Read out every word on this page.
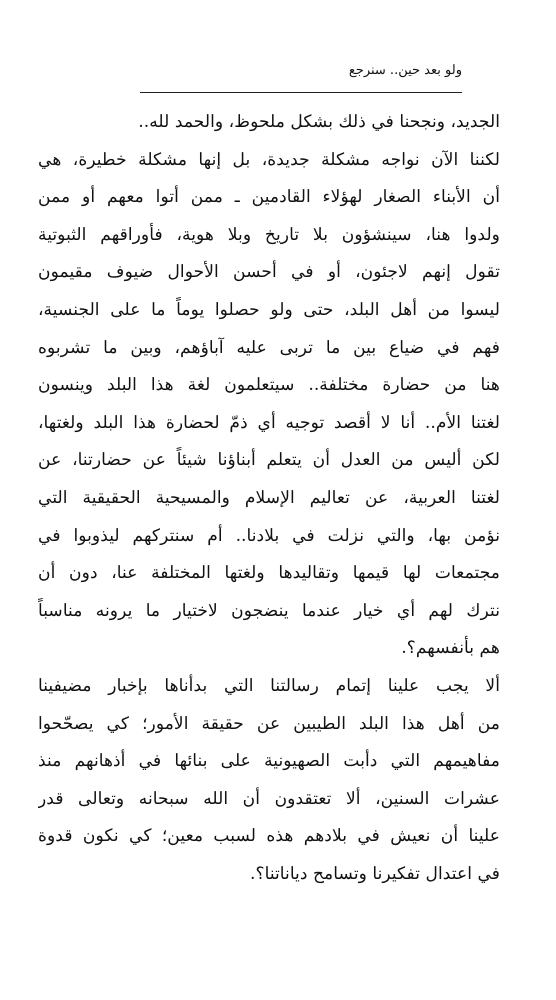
ولو بعد حين.. سنرجع
الجديد، ونجحنا في ذلك بشكل ملحوظ، والحمد لله..
لكننا الآن نواجه مشكلة جديدة، بل إنها مشكلة خطيرة، هي
أن الأبناء الصغار لهؤلاء القادمين ـ ممن أتوا معهم أو ممن
ولدوا هنا، سينشؤون بلا تاريخ وبلا هوية، فأوراقهم الثبوتية
تقول إنهم لاجئون، أو في أحسن الأحوال ضيوف مقيمون
ليسوا من أهل البلد، حتى ولو حصلوا يوماً ما على الجنسية،
فهم في ضياع بين ما تربى عليه آباؤهم، وبين ما تشربوه
هنا من حضارة مختلفة.. سيتعلمون لغة هذا البلد وينسون
لغتنا الأم.. أنا لا أقصد توجيه أي ذمّ لحضارة هذا البلد ولغتها،
لكن أليس من العدل أن يتعلم أبناؤنا شيئاً عن حضارتنا، عن
لغتنا العربية، عن تعاليم الإسلام والمسيحية الحقيقية التي
نؤمن بها، والتي نزلت في بلادنا.. أم سنتركهم ليذوبوا في
مجتمعات لها قيمها وتقاليدها ولغتها المختلفة عنا، دون أن
نترك لهم أي خيار عندما ينضجون لاختيار ما يرونه مناسباً
هم بأنفسهم؟.
ألا يجب علينا إتمام رسالتنا التي بدأناها بإخبار مضيفينا
من أهل هذا البلد الطيبين عن حقيقة الأمور؛ كي يصحّحوا
مفاهيمهم التي دأبت الصهيونية على بنائها في أذهانهم منذ
عشرات السنين، ألا تعتقدون أن الله سبحانه وتعالى قدر
علينا أن نعيش في بلادهم هذه لسبب معين؛ كي نكون قدوة
في اعتدال تفكيرنا وتسامح دياناتنا؟.
